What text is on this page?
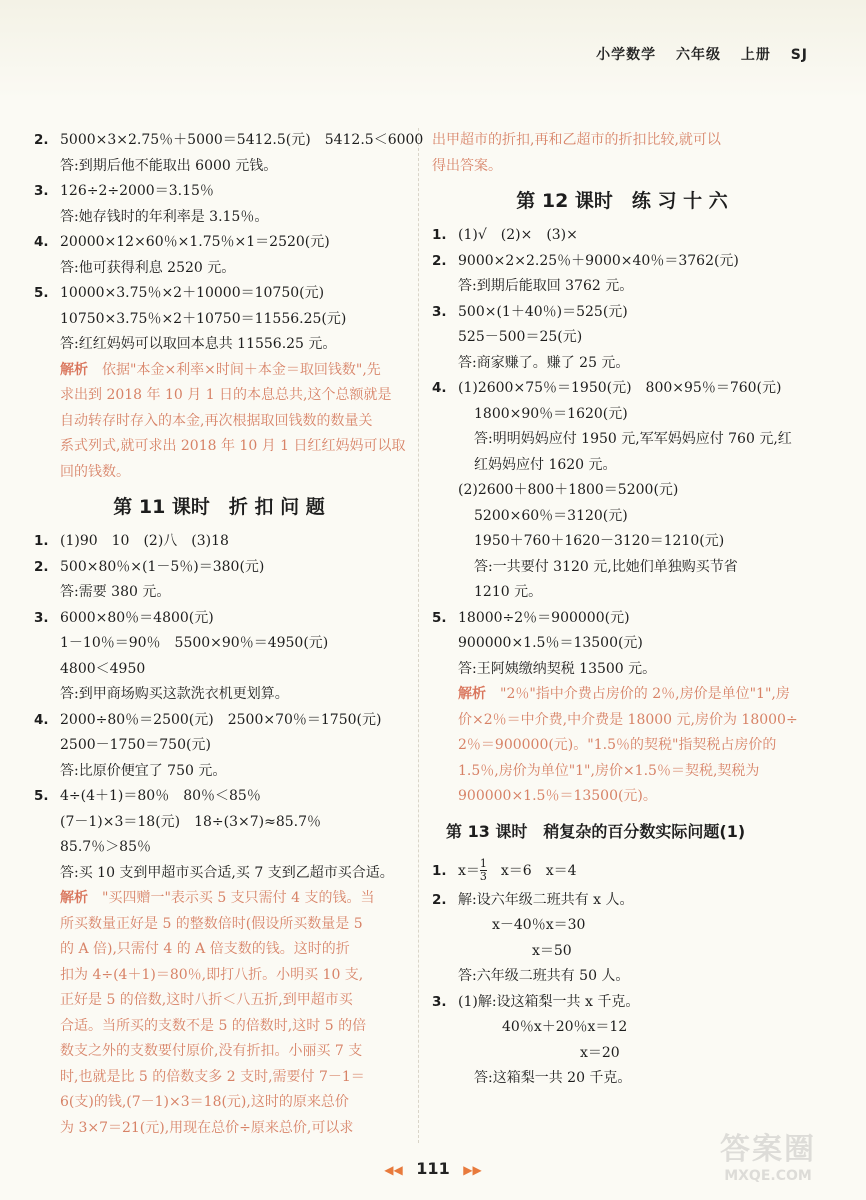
小学数学 六年级 上册 SJ
2. 5000×3×2.75％＋5000＝5412.5(元)　5412.5＜6000
答:到期后他不能取出 6000 元钱。
3. 126÷2÷2000＝3.15％
答:她存钱时的年利率是 3.15％。
4. 20000×12×60％×1.75％×1＝2520(元)
答:他可获得利息 2520 元。
5. 10000×3.75％×2＋10000＝10750(元)
10750×3.75％×2＋10750＝11556.25(元)
答:红红妈妈可以取回本息共 11556.25 元。
解析　 依据"本金×利率×时间＋本金＝取回钱数",先
求出到 2018 年 10 月 1 日的本息总共,这个总额就是
自动转存时存入的本金,再次根据取回钱数的数量关
系式列式,就可求出 2018 年 10 月 1 日红红妈妈可以取
回的钱数。
第 11 课时　折 扣 问 题
1. (1)90　10　(2)八　(3)18
2. 500×80％×(1－5％)＝380(元)
答:需要 380 元。
3. 6000×80％＝4800(元)
1－10％＝90％　5500×90％＝4950(元)
4800＜4950
答:到甲商场购买这款洗衣机更划算。
4. 2000÷80％＝2500(元)　2500×70％＝1750(元)
2500－1750＝750(元)
答:比原价便宜了 750 元。
5. 4÷(4＋1)＝80％　80％＜85％
(7－1)×3＝18(元)　18÷(3×7)≈85.7％
85.7％＞85％
答:买 10 支到甲超市买合适,买 7 支到乙超市买合适。
解析　 "买四赠一"表示买 5 支只需付 4 支的钱。当
所买数量正好是 5 的整数倍时(假设所买数量是 5
的 A 倍),只需付 4 的 A 倍支数的钱。这时的折
扣为 4÷(4＋1)＝80％,即打八折。小明买 10 支,
正好是 5 的倍数,这时八折＜八五折,到甲超市买
合适。当所买的支数不是 5 的倍数时,这时 5 的倍
数支之外的支数要付原价,没有折扣。小丽买 7 支
时,也就是比 5 的倍数支多 2 支时,需要付 7－1＝
6(支)的钱,(7－1)×3＝18(元),这时的原来总价
为 3×7＝21(元),用现在总价÷原来总价,可以求
出甲超市的折扣,再和乙超市的折扣比较,就可以
得出答案。
第 12 课时　练 习 十 六
1. (1)√　(2)×　(3)×
2. 9000×2×2.25％＋9000×40％＝3762(元)
答:到期后能取回 3762 元。
3. 500×(1＋40％)＝525(元)
525－500＝25(元)
答:商家赚了。赚了 25 元。
4. (1)2600×75％＝1950(元)　800×95％＝760(元)
1800×90％＝1620(元)
答:明明妈妈应付 1950 元,军军妈妈应付 760 元,红
红妈妈应付 1620 元。
(2)2600＋800＋1800＝5200(元)
5200×60％＝3120(元)
1950＋760＋1620－3120＝1210(元)
答:一共要付 3120 元,比她们单独购买节省
1210 元。
5. 18000÷2％＝900000(元)
900000×1.5％＝13500(元)
答:王阿姨缴纳契税 13500 元。
解析　 "2％"指中介费占房价的 2％,房价是单位"1",房
价×2％＝中介费,中介费是 18000 元,房价为 18000÷
2％＝900000(元)。"1.5％的契税"指契税占房价的
1.5％,房价为单位"1",房价×1.5％＝契税,契税为
900000×1.5％＝13500(元)。
第 13 课时　稍复杂的百分数实际问题(1)
1. $x= \frac{1}{3}$ 　x＝6　x＝4
2. 解:设六年级二班共有 x 人。
x－40％x＝30
x＝50
答:六年级二班共有 50 人。
3. (1)解:设这箱梨一共 x 千克。
40％x＋20％x＝12
x＝20
答:这箱梨一共 20 千克。
◀◀ 111 ▶▶
答案圈
MXQE.COM
